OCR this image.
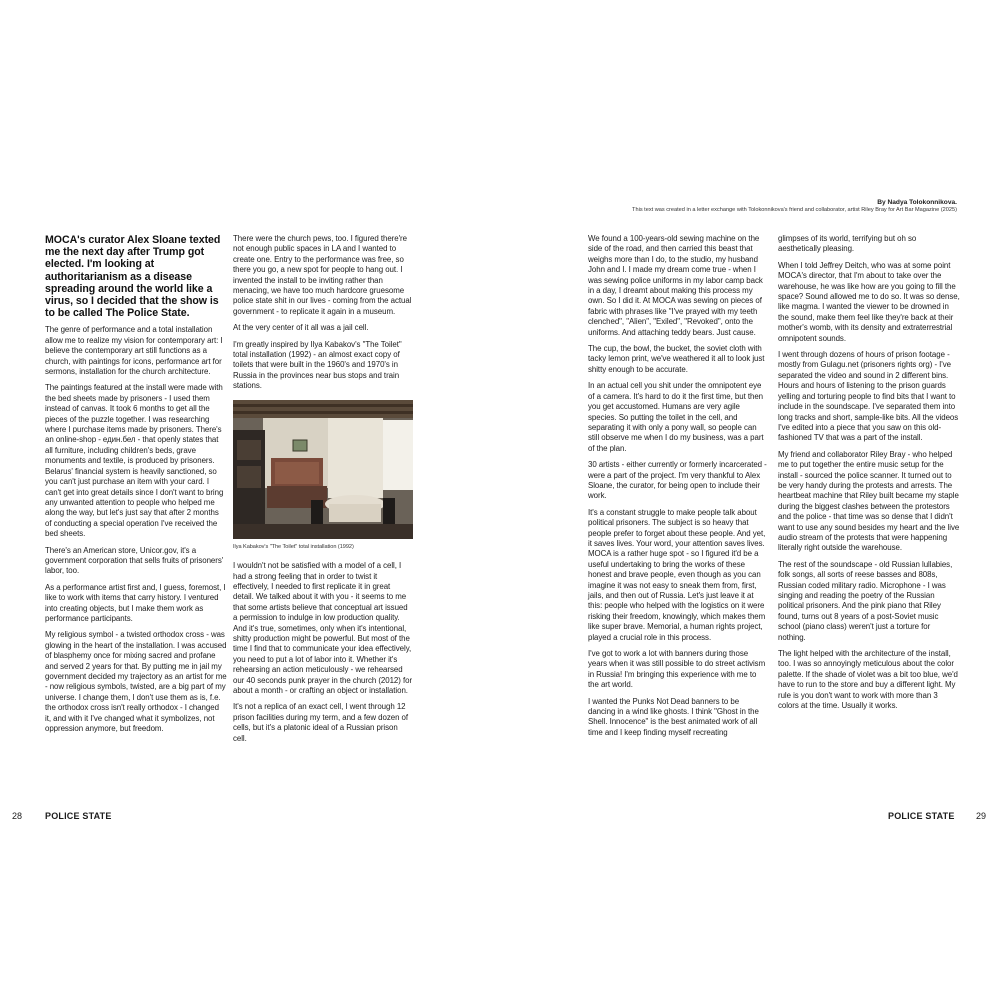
By Nadya Tolokonnikova.
This text was created in a letter exchange with Tolokonnikova's friend and collaborator, artist Riley Bray for Art Bar Magazine (2025)
MOCA's curator Alex Sloane texted me the next day after Trump got elected. I'm looking at authoritarianism as a disease spreading around the world like a virus, so I decided that the show is to be called The Police State.

The genre of performance and a total installation allow me to realize my vision for contemporary art: I believe the contemporary art still functions as a church, with paintings for icons, performance art for sermons, installation for the church architecture.

The paintings featured at the install were made with the bed sheets made by prisoners - I used them instead of canvas. It took 6 months to get all the pieces of the puzzle together. I was researching where I purchase items made by prisoners. There's an online-shop - един.бел - that openly states that all furniture, including children's beds, grave monuments and textile, is produced by prisoners. Belarus' financial system is heavily sanctioned, so you can't just purchase an item with your card. I can't get into great details since I don't want to bring any unwanted attention to people who helped me along the way, but let's just say that after 2 months of conducting a special operation I've received the bed sheets.

There's an American store, Unicor.gov, it's a government corporation that sells fruits of prisoners' labor, too.

As a performance artist first and, I guess, foremost, I like to work with items that carry history. I ventured into creating objects, but I make them work as performance participants.

My religious symbol - a twisted orthodox cross - was glowing in the heart of the installation. I was accused of blasphemy once for mixing sacred and profane and served 2 years for that. By putting me in jail my government decided my trajectory as an artist for me - now religious symbols, twisted, are a big part of my universe. I change them, I don't use them as is, f.e. the orthodox cross isn't really orthodox - I changed it, and with it I've changed what it symbolizes, not oppression anymore, but freedom.

There were the church pews, too. I figured there're not enough public spaces in LA and I wanted to create one. Entry to the performance was free, so there you go, a new spot for people to hang out. I invented the install to be inviting rather than menacing, we have too much hardcore gruesome police state shit in our lives - coming from the actual government - to replicate it again in a museum.

At the very center of it all was a jail cell.

I'm greatly inspired by Ilya Kabakov's "The Toilet" total installation (1992) - an almost exact copy of toilets that were built in the 1960's and 1970's in Russia in the provinces near bus stops and train stations.

Ilya Kabakov's "The Toilet" total installation (1992)

I wouldn't not be satisfied with a model of a cell, I had a strong feeling that in order to twist it effectively, I needed to first replicate it in great detail. We talked about it with you - it seems to me that some artists believe that conceptual art issued a permission to indulge in low production quality. And it's true, sometimes, only when it's intentional, shitty production might be powerful. But most of the time I find that to communicate your idea effectively, you need to put a lot of labor into it. Whether it's rehearsing an action meticulously - we rehearsed our 40 seconds punk prayer in the church (2012) for about a month - or crafting an object or installation.

It's not a replica of an exact cell, I went through 12 prison facilities during my term, and a few dozen of cells, but it's a platonic ideal of a Russian prison cell.

We found a 100-years-old sewing machine on the side of the road, and then carried this beast that weighs more than I do, to the studio, my husband John and I. I made my dream come true - when I was sewing police uniforms in my labor camp back in a day, I dreamt about making this process my own. So I did it. At MOCA was sewing on pieces of fabric with phrases like "I've prayed with my teeth clenched", "Alien", "Exiled", "Revoked", onto the uniforms. And attaching teddy bears. Just cause.

The cup, the bowl, the bucket, the soviet cloth with tacky lemon print, we've weathered it all to look just shitty enough to be accurate.

In an actual cell you shit under the omnipotent eye of a camera. It's hard to do it the first time, but then you get accustomed. Humans are very agile species. So putting the toilet in the cell, and separating it with only a pony wall, so people can still observe me when I do my business, was a part of the plan.

30 artists - either currently or formerly incarcerated - were a part of the project. I'm very thankful to Alex Sloane, the curator, for being open to include their work.

It's a constant struggle to make people talk about political prisoners. The subject is so heavy that people prefer to forget about these people. And yet, it saves lives. Your word, your attention saves lives. MOCA is a rather huge spot - so I figured it'd be a useful undertaking to bring the works of these honest and brave people, even though as you can imagine it was not easy to sneak them from, first, jails, and then out of Russia. Let's just leave it at this: people who helped with the logistics on it were risking their freedom, knowingly, which makes them like super brave. Memorial, a human rights project, played a crucial role in this process.

I've got to work a lot with banners during those years when it was still possible to do street activism in Russia! I'm bringing this experience with me to the art world.

I wanted the Punks Not Dead banners to be dancing in a wind like ghosts. I think "Ghost in the Shell. Innocence" is the best animated work of all time and I keep finding myself recreating

glimpses of its world, terrifying but oh so aesthetically pleasing.

When I told Jeffrey Deitch, who was at some point MOCA's director, that I'm about to take over the warehouse, he was like how are you going to fill the space? Sound allowed me to do so. It was so dense, like magma. I wanted the viewer to be drowned in the sound, make them feel like they're back at their mother's womb, with its density and extraterrestrial omnipotent sounds.

I went through dozens of hours of prison footage - mostly from Gulagu.net (prisoners rights org) - I've separated the video and sound in 2 different bins. Hours and hours of listening to the prison guards yelling and torturing people to find bits that I want to include in the soundscape. I've separated them into long tracks and short, sample-like bits. All the videos I've edited into a piece that you saw on this old-fashioned TV that was a part of the install.

My friend and collaborator Riley Bray - who helped me to put together the entire music setup for the install - sourced the police scanner. It turned out to be very handy during the protests and arrests. The heartbeat machine that Riley built became my staple during the biggest clashes between the protestors and the police - that time was so dense that I didn't want to use any sound besides my heart and the live audio stream of the protests that were happening literally right outside the warehouse.

The rest of the soundscape - old Russian lullabies, folk songs, all sorts of reese basses and 808s, Russian coded military radio. Microphone - I was singing and reading the poetry of the Russian political prisoners. And the pink piano that Riley found, turns out 8 years of a post-Soviet music school (piano class) weren't just a torture for nothing.

The light helped with the architecture of the install, too. I was so annoyingly meticulous about the color palette. If the shade of violet was a bit too blue, we'd have to run to the store and buy a different light. My rule is you don't want to work with more than 3 colors at the time. Usually it works.

28	POLICE STATE	POLICE STATE 29
